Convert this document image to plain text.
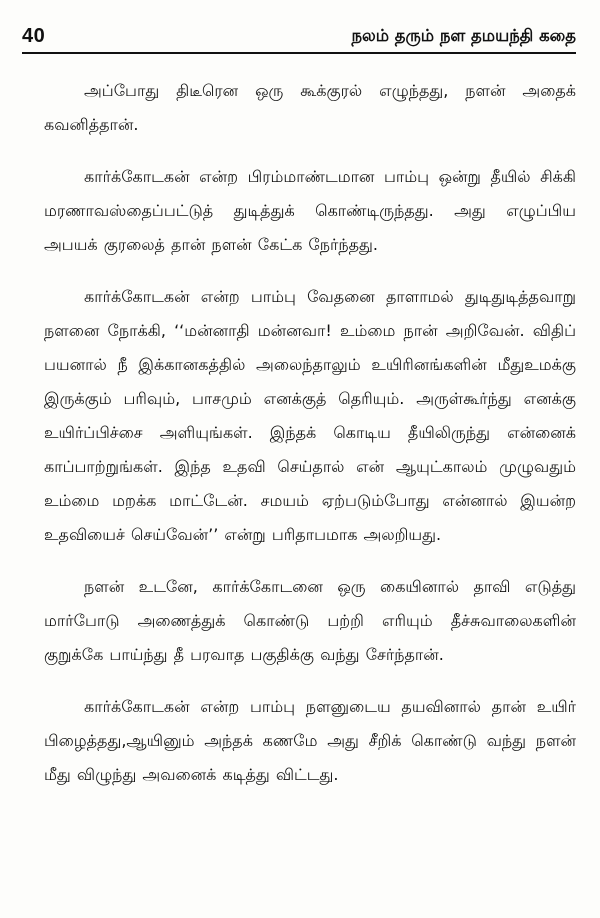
40	நலம் தரும் நள தமயந்தி கதை

அப்போது திடீரென ஒரு கூக்குரல் எழுந்தது, நளன் அதைக் கவனித்தான்.

கார்க்கோடகன் என்ற பிரம்மாண்டமான பாம்பு ஒன்று தீயில் சிக்கி மரணாவஸ்தைப்பட்டுத் துடித்துக் கொண்டிருந்தது. அது எழுப்பிய அபயக் குரலைத் தான் நளன் கேட்க நேர்ந்தது.

கார்க்கோடகன் என்ற பாம்பு வேதனை தாளாமல் துடிதுடித்தவாறு நளனை நோக்கி, ‘‘மன்னாதி மன்னவா! உம்மை நான் அறிவேன். விதிப் பயனால் நீ இக்கானகத்தில் அலைந்தாலும் உயிரினங்களின் மீதுஉமக்கு இருக்கும் பரிவும், பாசமும் எனக்குத் தெரியும். அருள்கூர்ந்து எனக்கு உயிர்ப்பிச்சை அளியுங்கள். இந்தக் கொடிய தீயிலிருந்து என்னைக் காப்பாற்றுங்கள். இந்த உதவி செய்தால் என் ஆயுட்காலம் முழுவதும் உம்மை மறக்க மாட்டேன். சமயம் ஏற்படும்போது என்னால் இயன்ற உதவியைச் செய்வேன்’’ என்று பரிதாபமாக அலறியது.

நளன் உடனே, கார்க்கோடனை ஒரு கையினால் தாவி எடுத்து மார்போடு அணைத்துக் கொண்டு பற்றி எரியும் தீச்சுவாலைகளின் குறுக்கே பாய்ந்து தீ பரவாத பகுதிக்கு வந்து சேர்ந்தான்.

கார்க்கோடகன் என்ற பாம்பு நளனுடைய தயவினால் தான் உயிர் பிழைத்தது,ஆயினும் அந்தக் கணமே அது சீறிக் கொண்டு வந்து நளன் மீது விழுந்து அவனைக் கடித்து விட்டது.
